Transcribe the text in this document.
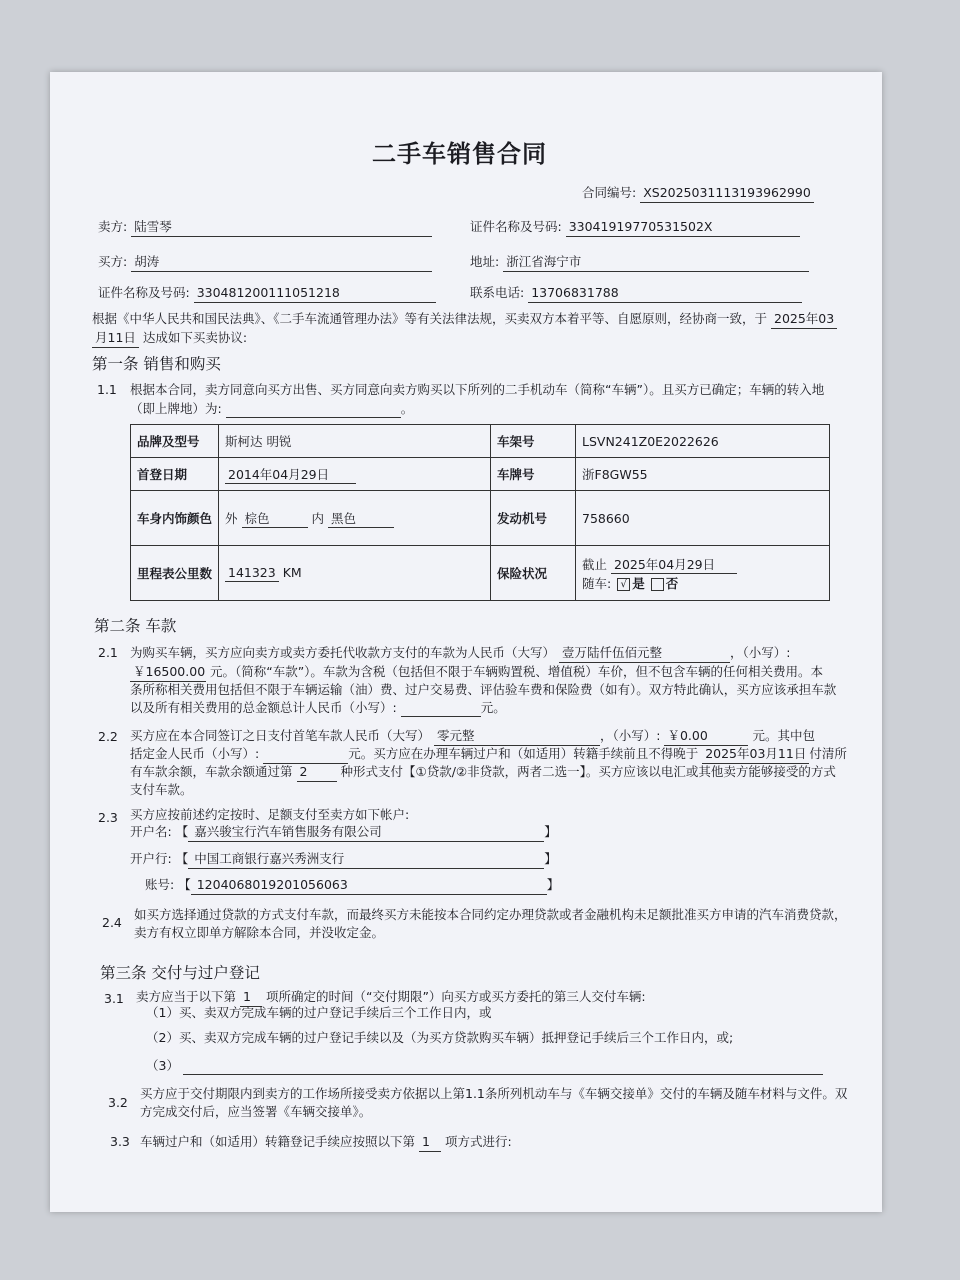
二手车销售合同
合同编号: XS2025031113193962990
卖方: 陆雪琴	证件名称及号码: 33041919770531502X
买方: 胡涛	地址: 浙江省海宁市
证件名称及号码: 330481200111051218	联系电话: 13706831788
根据《中华人民共和国民法典》、《二手车流通管理办法》等有关法律法规，买卖双方本着平等、自愿原则，经协商一致，于 2025年03
月11日 达成如下买卖协议:
第一条 销售和购买
1.1 根据本合同，卖方同意向买方出售、买方同意向卖方购买以下所列的二手机动车（简称“车辆”）。且买方已确定；车辆的转入地
（即上牌地）为:	。
品牌及型号	斯柯达 明锐	车架号	LSVN241Z0E2022626
首登日期	2014年04月29日	车牌号	浙F8GW55
车身内饰颜色	外 棕色 内 黑色	发动机号	758660
里程表公里数	141323 KM	保险状况	截止 2025年04月29日
随车: √ 是 否
第二条 车款
2.1 为购买车辆，买方应向卖方或卖方委托代收款方支付的车款为人民币（大写） 壹万陆仟伍佰元整	，（小写）:
￥16500.00 元。（简称“车款”）。车款为含税（包括但不限于车辆购置税、增值税）车价，但不包含车辆的任何相关费用。本
条所称相关费用包括但不限于车辆运输（油）费、过户交易费、评估验车费和保险费（如有）。双方特此确认，买方应该承担车款
以及所有相关费用的总金额总计人民币（小写）:	元。
2.2 买方应在本合同签订之日支付首笔车款人民币（大写） 零元整	，（小写）: ￥0.00	元。其中包
括定金人民币（小写）:	元。买方应在办理车辆过户和（如适用）转籍手续前且不得晚于 2025年03月11日 付清所
有车款余额，车款余额通过第 2	种形式支付【①贷款/②非贷款，两者二选一】。买方应该以电汇或其他卖方能够接受的方式
支付车款。
2.3 买方应按前述约定按时、足额支付至卖方如下帐户:
开户名: 【 嘉兴骏宝行汽车销售服务有限公司	】
开户行: 【 中国工商银行嘉兴秀洲支行	】
账号: 【 1204068019201056063	】
2.4
如买方选择通过贷款的方式支付车款，而最终买方未能按本合同约定办理贷款或者金融机构未足额批准买方申请的汽车消费贷款，
卖方有权立即单方解除本合同，并没收定金。
第三条 交付与过户登记
3.1 卖方应当于以下第 1 项所确定的时间（“交付期限”）向买方或买方委托的第三人交付车辆:
（1）买、卖双方完成车辆的过户登记手续后三个工作日内，或
（2）买、卖双方完成车辆的过户登记手续以及（为买方贷款购买车辆）抵押登记手续后三个工作日内，或;
（3）
3.2
买方应于交付期限内到卖方的工作场所接受卖方依据以上第1.1条所列机动车与《车辆交接单》交付的车辆及随车材料与文件。双
方完成交付后，应当签署《车辆交接单》。
3.3 车辆过户和（如适用）转籍登记手续应按照以下第 1 项方式进行:
